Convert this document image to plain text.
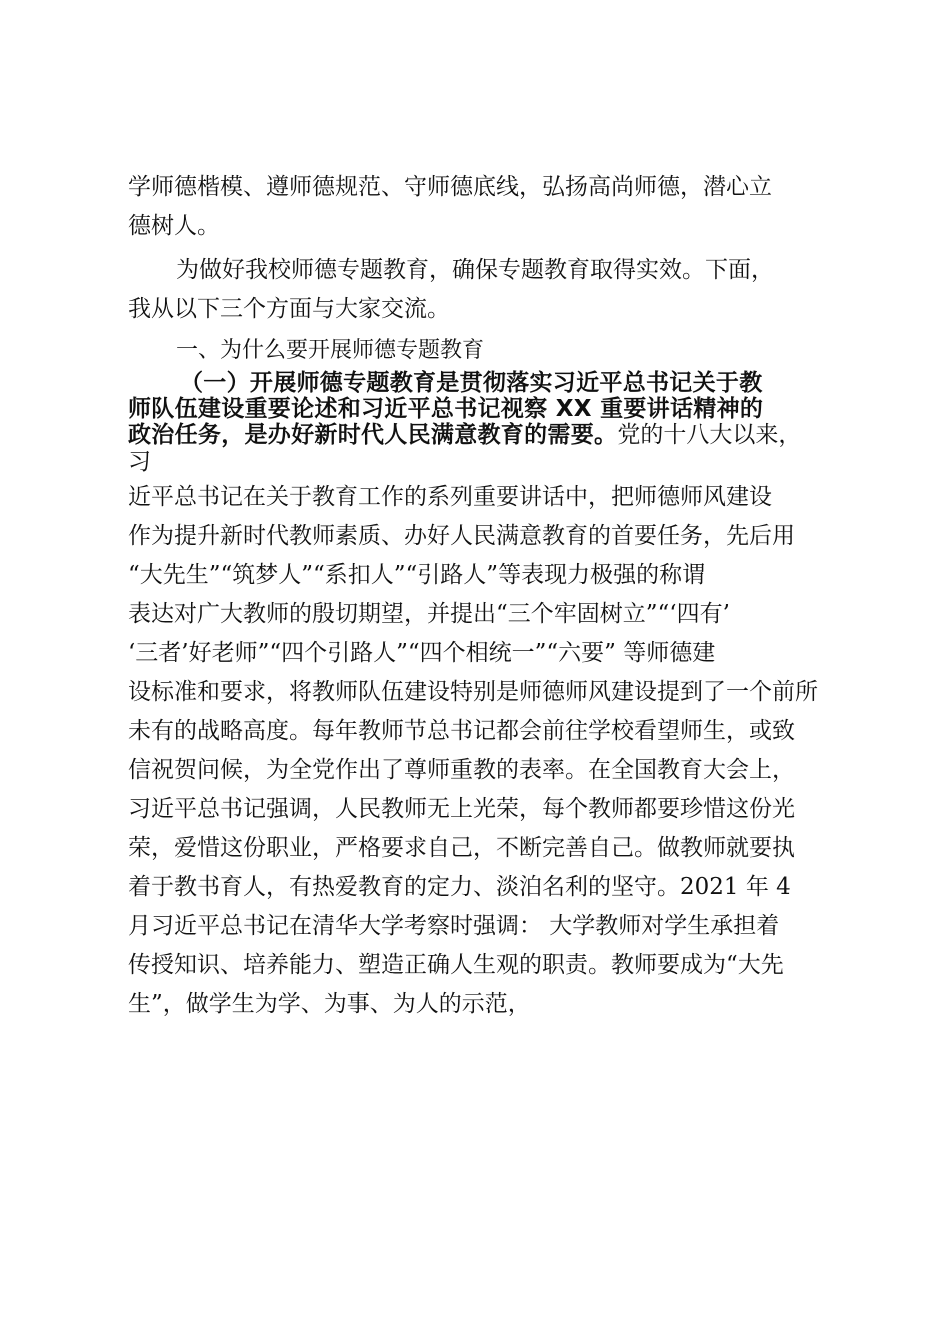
学师德楷模、遵师德规范、守师德底线，弘扬高尚师德，潜心立
德树人。
为做好我校师德专题教育，确保专题教育取得实效。下面，
我从以下三个方面与大家交流。
一、为什么要开展师德专题教育
（一）开展师德专题教育是贯彻落实习近平总书记关于教
师队伍建设重要论述和习近平总书记视察 XX 重要讲话精神的
政治任务，是办好新时代人民满意教育的需要。党的十八大以来，
习
近平总书记在关于教育工作的系列重要讲话中，把师德师风建设
作为提升新时代教师素质、办好人民满意教育的首要任务，先后用
“大先生”“筑梦人”“系扣人”“引路人”等表现力极强的称谓
表达对广大教师的殷切期望，并提出“三个牢固树立”“‘四有’
‘三者’好老师”“四个引路人”“四个相统一”“六要” 等师德建
设标准和要求，将教师队伍建设特别是师德师风建设提到了一个前所
未有的战略高度。每年教师节总书记都会前往学校看望师生，或致
信祝贺问候，为全党作出了尊师重教的表率。在全国教育大会上，
习近平总书记强调，人民教师无上光荣，每个教师都要珍惜这份光
荣，爱惜这份职业，严格要求自己，不断完善自己。做教师就要执
着于教书育人，有热爱教育的定力、淡泊名利的坚守。2021 年 4
月习近平总书记在清华大学考察时强调： 大学教师对学生承担着
传授知识、培养能力、塑造正确人生观的职责。教师要成为“大先
生”，做学生为学、为事、为人的示范，
